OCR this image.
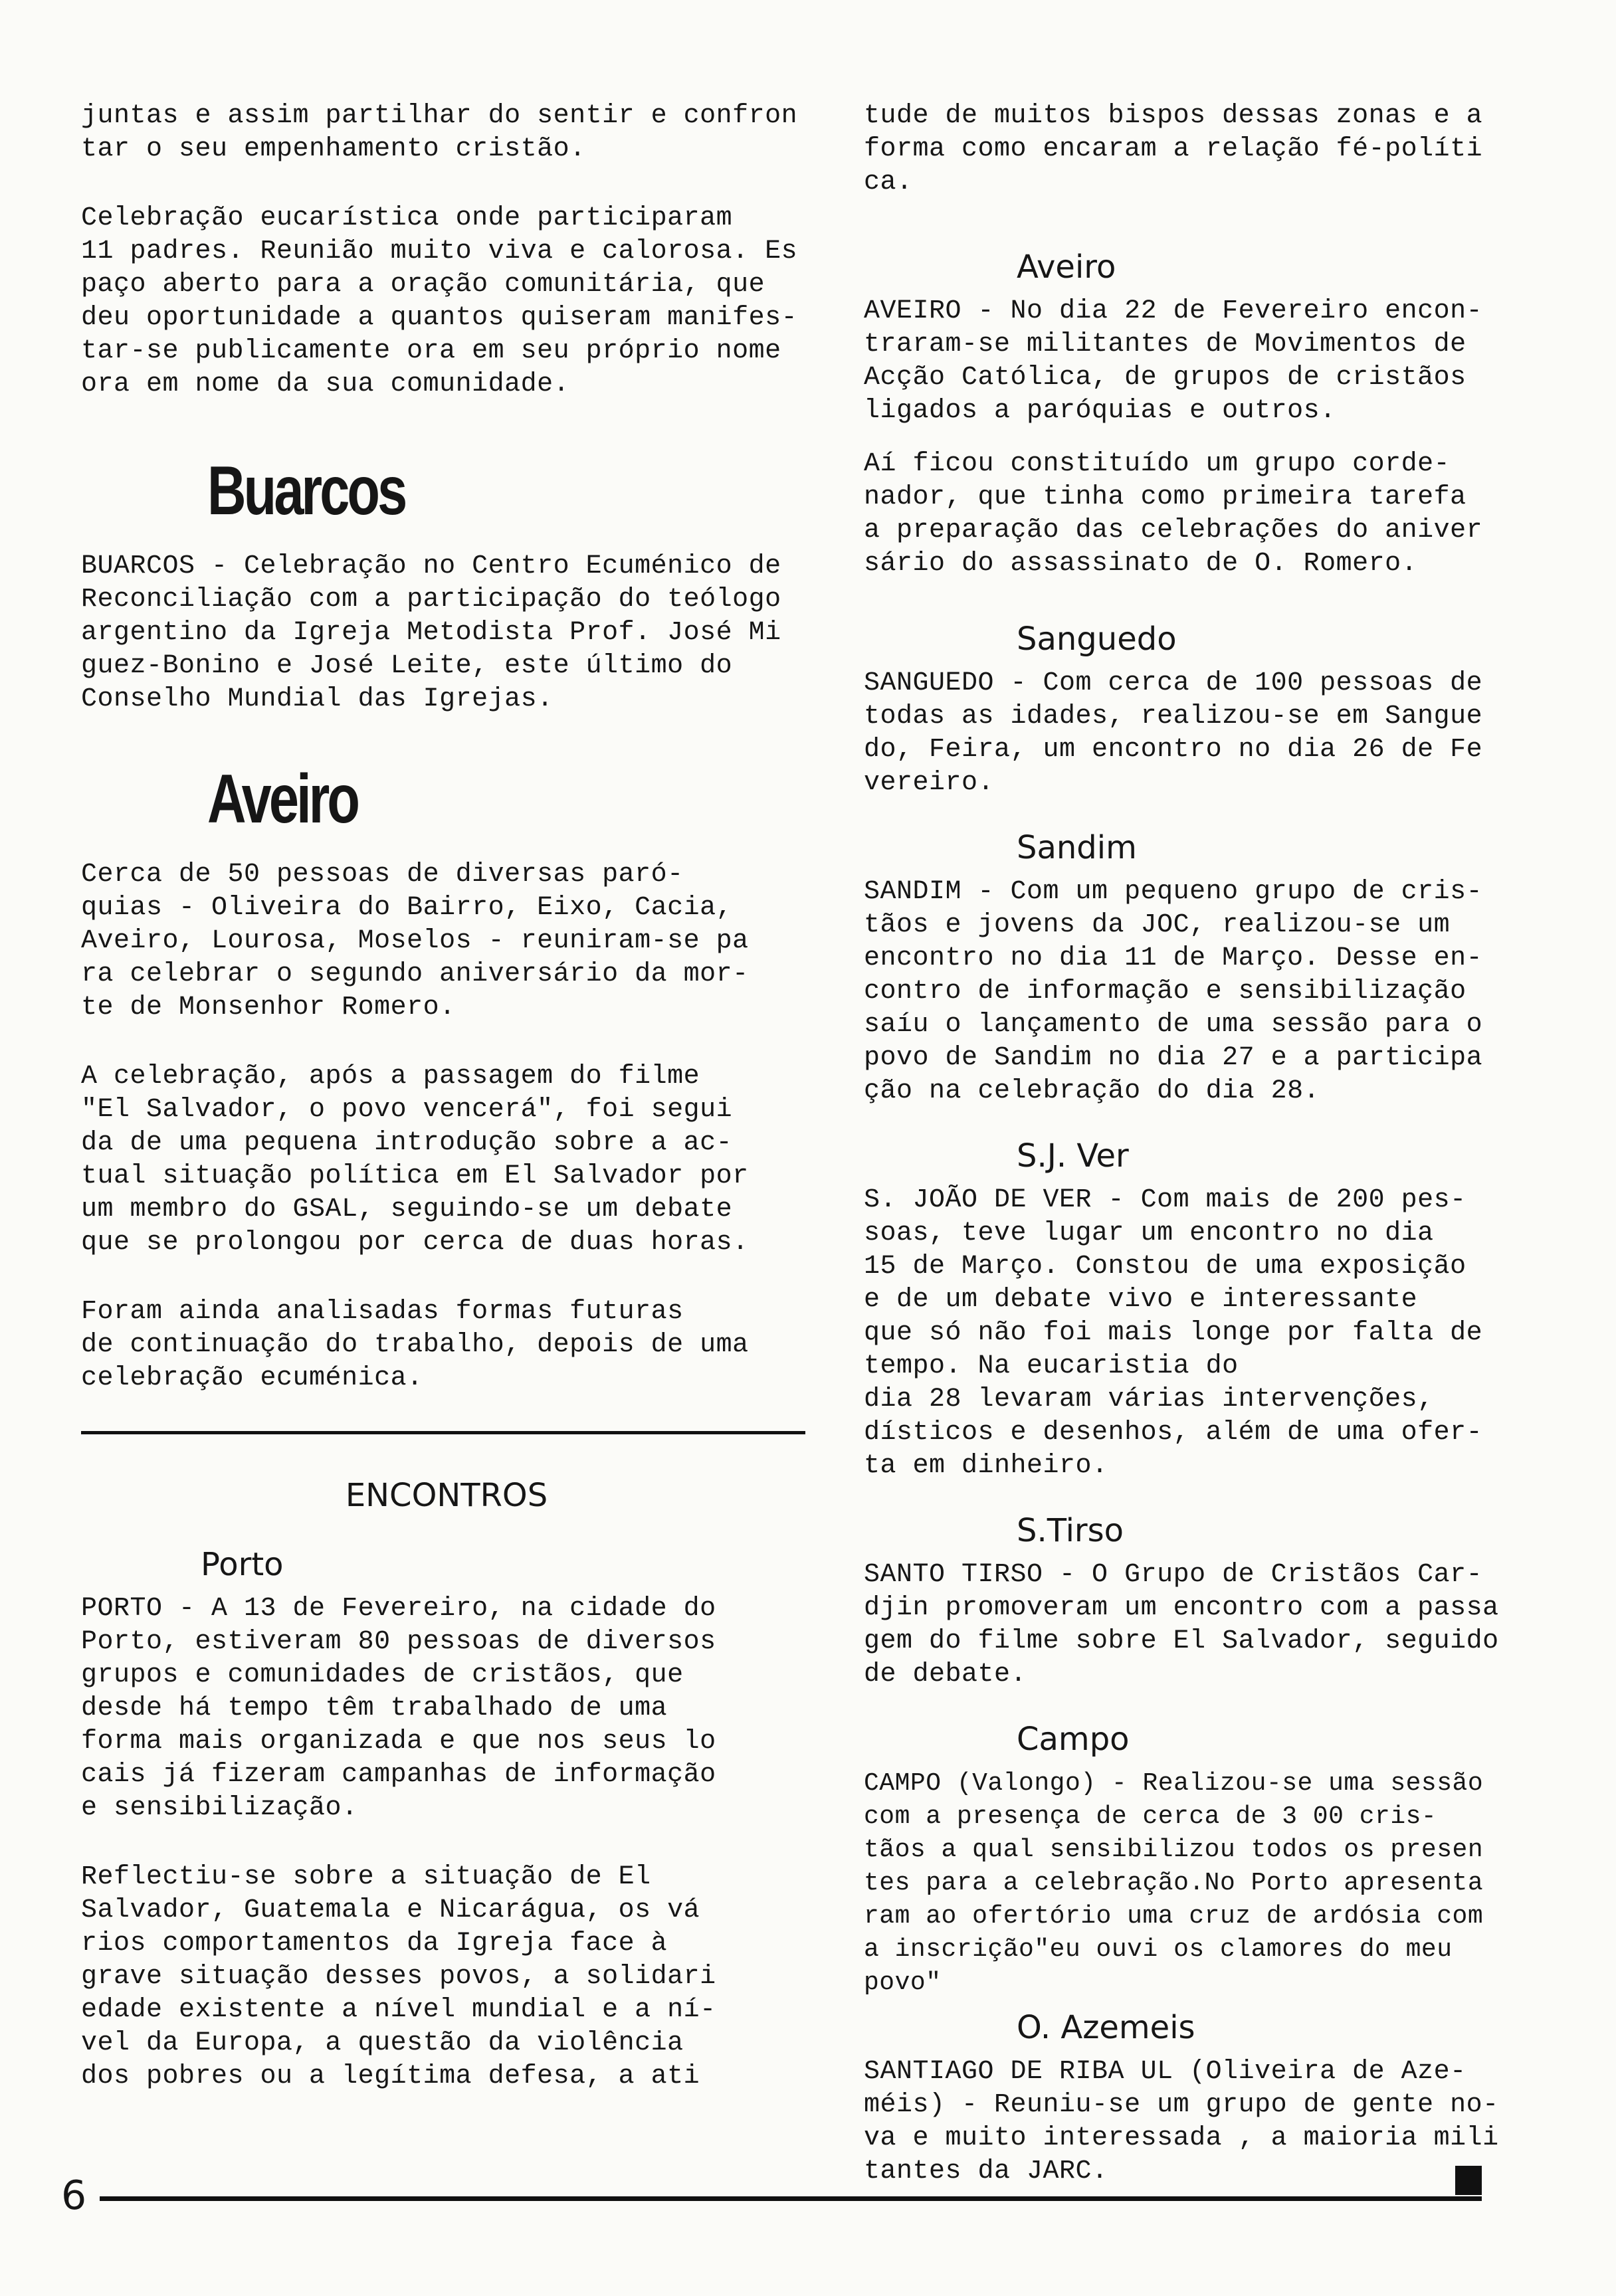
juntas e assim partilhar do sentir e confron
tar o seu empenhamento cristão.

Celebração eucarística onde participaram
11 padres. Reunião muito viva e calorosa. Es
paço aberto para a oração comunitária, que
deu oportunidade a quantos quiseram manifes-
tar-se publicamente ora em seu próprio nome
ora em nome da sua comunidade.

Buarcos

BUARCOS - Celebração no Centro Ecuménico de
Reconciliação com a participação do teólogo
argentino da Igreja Metodista Prof. José Mi
guez-Bonino e José Leite, este último do
Conselho Mundial das Igrejas.

Aveiro

Cerca de 50 pessoas de diversas paró-
quias - Oliveira do Bairro, Eixo, Cacia,
Aveiro, Lourosa, Moselos - reuniram-se pa
ra celebrar o segundo aniversário da mor-
te de Monsenhor Romero.

A celebração, após a passagem do filme
"El Salvador, o povo vencerá", foi segui
da de uma pequena introdução sobre a ac-
tual situação política em El Salvador por
um membro do GSAL, seguindo-se um debate
que se prolongou por cerca de duas horas.

Foram ainda analisadas formas futuras
de continuação do trabalho, depois de uma
celebração ecuménica.

ENCONTROS
Porto

PORTO - A 13 de Fevereiro, na cidade do
Porto, estiveram 80 pessoas de diversos
grupos e comunidades de cristãos, que
desde há tempo têm trabalhado de uma
forma mais organizada e que nos seus lo
cais já fizeram campanhas de informação
e sensibilização.

Reflectiu-se sobre a situação de El
Salvador, Guatemala e Nicarágua, os vá
rios comportamentos da Igreja face à
grave situação desses povos, a solidari
edade existente a nível mundial e a ní-
vel da Europa, a questão da violência
dos pobres ou a legítima defesa, a ati

tude de muitos bispos dessas zonas e a
forma como encaram a relação fé-políti
ca.

Aveiro

AVEIRO - No dia 22 de Fevereiro encon-
traram-se militantes de Movimentos de
Acção Católica, de grupos de cristãos
ligados a paróquias e outros.

Aí ficou constituído um grupo corde-
nador, que tinha como primeira tarefa
a preparação das celebrações do aniver
sário do assassinato de O. Romero.

Sanguedo

SANGUEDO - Com cerca de 100 pessoas de
todas as idades, realizou-se em Sangue
do, Feira, um encontro no dia 26 de Fe
vereiro.

Sandim

SANDIM - Com um pequeno grupo de cris-
tãos e jovens da JOC, realizou-se um
encontro no dia 11 de Março. Desse en-
contro de informação e sensibilização
saíu o lançamento de uma sessão para o
povo de Sandim no dia 27 e a participa
ção na celebração do dia 28.

S.J. Ver

S. JOÃO DE VER - Com mais de 200 pes-
soas, teve lugar um encontro no dia
15 de Março. Constou de uma exposição
e de um debate vivo e interessante
que só não foi mais longe por falta de
tempo. Na eucaristia do
dia 28 levaram várias intervenções,
dísticos e desenhos, além de uma ofer-
ta em dinheiro.

S.Tirso

SANTO TIRSO - O Grupo de Cristãos Car-
djin promoveram um encontro com a passa
gem do filme sobre El Salvador, seguido
de debate.

Campo

CAMPO (Valongo) - Realizou-se uma sessão
com a presença de cerca de 3 00 cris-
tãos a qual sensibilizou todos os presen
tes para a celebração.No Porto apresenta
ram ao ofertório uma cruz de ardósia com
a inscrição"eu ouvi os clamores do meu povo"

O. Azemeis

SANTIAGO DE RIBA UL (Oliveira de Aze-
méis) - Reuniu-se um grupo de gente no-
va e muito interessada , a maioria mili
tantes da JARC.

6
